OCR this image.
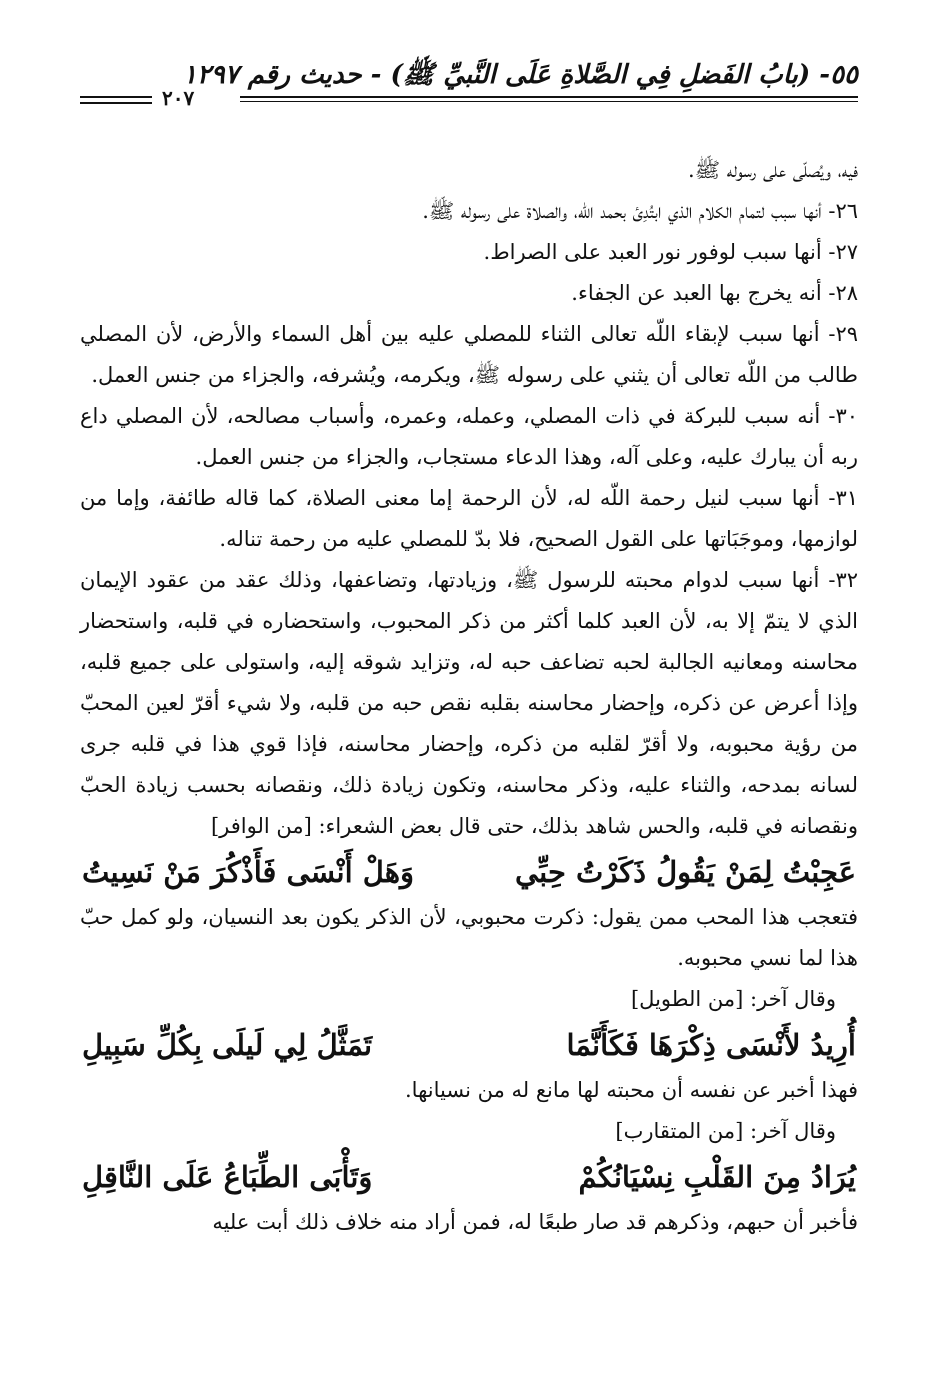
٥٥- (بابُ الفَضلِ فِي الصَّلاةِ عَلَى النَّبيِّ ﷺ) - حديث رقم ١٢٩٧
٢٠٧

فيه، ويُصلّى على رسوله ﷺ.

٢٦- أنها سبب لتمام الكلام الذي ابتُدِئ بحمد اللّه، والصلاة على رسوله ﷺ.

٢٧- أنها سبب لوفور نور العبد على الصراط.

٢٨- أنه يخرج بها العبد عن الجفاء.

٢٩- أنها سبب لإبقاء اللّه تعالى الثناء للمصلي عليه بين أهل السماء والأرض، لأن المصلي طالب من اللّه تعالى أن يثني على رسوله ﷺ، ويكرمه، ويُشرفه، والجزاء من جنس العمل.

٣٠- أنه سبب للبركة في ذات المصلي، وعمله، وعمره، وأسباب مصالحه، لأن المصلي داع ربه أن يبارك عليه، وعلى آله، وهذا الدعاء مستجاب، والجزاء من جنس العمل.

٣١- أنها سبب لنيل رحمة اللّه له، لأن الرحمة إما معنى الصلاة، كما قاله طائفة، وإما من لوازمها، وموجَبَاتها على القول الصحيح، فلا بدّ للمصلي عليه من رحمة تناله.

٣٢- أنها سبب لدوام محبته للرسول ﷺ، وزيادتها، وتضاعفها، وذلك عقد من عقود الإيمان الذي لا يتمّ إلا به، لأن العبد كلما أكثر من ذكر المحبوب، واستحضاره في قلبه، واستحضار محاسنه ومعانيه الجالبة لحبه تضاعف حبه له، وتزايد شوقه إليه، واستولى على جميع قلبه، وإذا أعرض عن ذكره، وإحضار محاسنه بقلبه نقص حبه من قلبه، ولا شيء أقرّ لعين المحبّ من رؤية محبوبه، ولا أقرّ لقلبه من ذكره، وإحضار محاسنه، فإذا قوي هذا في قلبه جرى لسانه بمدحه، والثناء عليه، وذكر محاسنه، وتكون زيادة ذلك، ونقصانه بحسب زيادة الحبّ ونقصانه في قلبه، والحس شاهد بذلك، حتى قال بعض الشعراء: [من الوافر]

عَجِبْتُ لِمَنْ يَقُولُ ذَكَرْتُ حِبِّي
وَهَلْ أَنْسَى فَأَذْكُرَ مَنْ نَسِيتُ

فتعجب هذا المحب ممن يقول: ذكرت محبوبي، لأن الذكر يكون بعد النسيان، ولو كمل حبّ هذا لما نسي محبوبه.

وقال آخر: [من الطويل]

أُرِيدُ لأَنْسَى ذِكْرَهَا فَكَأَنَّمَا
تَمَثَّلُ لِي لَيلَى بِكُلِّ سَبِيلِ

فهذا أخبر عن نفسه أن محبته لها مانع له من نسيانها.

وقال آخر: [من المتقارب]

يُرَادُ مِنَ القَلْبِ نِسْيَانُكُمْ
وَتَأْبَى الطِّبَاعُ عَلَى النَّاقِلِ

فأخبر أن حبهم، وذكرهم قد صار طبعًا له، فمن أراد منه خلاف ذلك أبت عليه
